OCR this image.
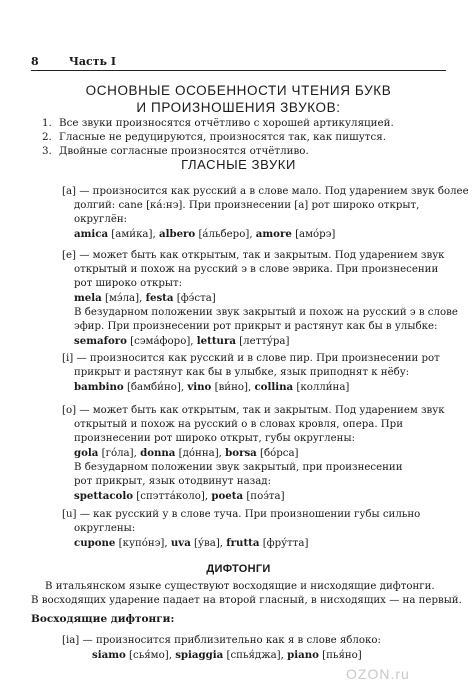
8	Часть I
ОСНОВНЫЕ ОСОБЕННОСТИ ЧТЕНИЯ БУКВ
И ПРОИЗНОШЕНИЯ ЗВУКОВ:
1. Все звуки произносятся отчётливо с хорошей артикуляцией.
2. Гласные не редуцируются, произносятся так, как пишутся.
3. Двойные согласные произносятся отчётливо.
ГЛАСНЫЕ ЗВУКИ
[a] — произносится как русский а в слове мало. Под ударением звук более
долгий: cane [ка́:нэ]. При произнесении [a] рот широко открыт,
округлён:
amica [ами́ка], albero [а́льберо], amore [амо́рэ]
[e] — может быть как открытым, так и закрытым. Под ударением звук
открытый и похож на русский э в слове эврика. При произнесении
рот широко открыт:
mela [мэ́ла], festa [фэ́ста]
В безударном положении звук закрытый и похож на русский э в слове
эфир. При произнесении рот прикрыт и растянут как бы в улыбке:
semaforo [сэма́форо], lettura [летту́ра]
[i] — произносится как русский и в слове пир. При произнесении рот
прикрыт и растянут как бы в улыбке, язык приподнят к нёбу:
bambino [бамби́но], vino [ви́но], collina [колли́на]
[o] — может быть как открытым, так и закрытым. Под ударением звук
открытый и похож на русский о в словах кровля, опера. При
произнесении рот широко открыт, губы округлены:
gola [го́ла], donna [до́нна], borsa [бо́рса]
В безударном положении звук закрытый, при произнесении
рот прикрыт, язык отодвинут назад:
spettacolo [спэтта́коло], poeta [поэ́та]
[u] — как русский у в слове туча. При произношении губы сильно
округлены:
cupone [купо́нэ], uva [у́ва], frutta [фру́тта]
ДИФТОНГИ
В итальянском языке существуют восходящие и нисходящие дифтонги.
В восходящих ударение падает на второй гласный, в нисходящих — на первый.
Восходящие дифтонги:
[ia] — произносится приблизительно как я в слове яблоко:
siamo [сья́мо], spiaggia [спья́джа], piano [пья́но]
OZON.ru
